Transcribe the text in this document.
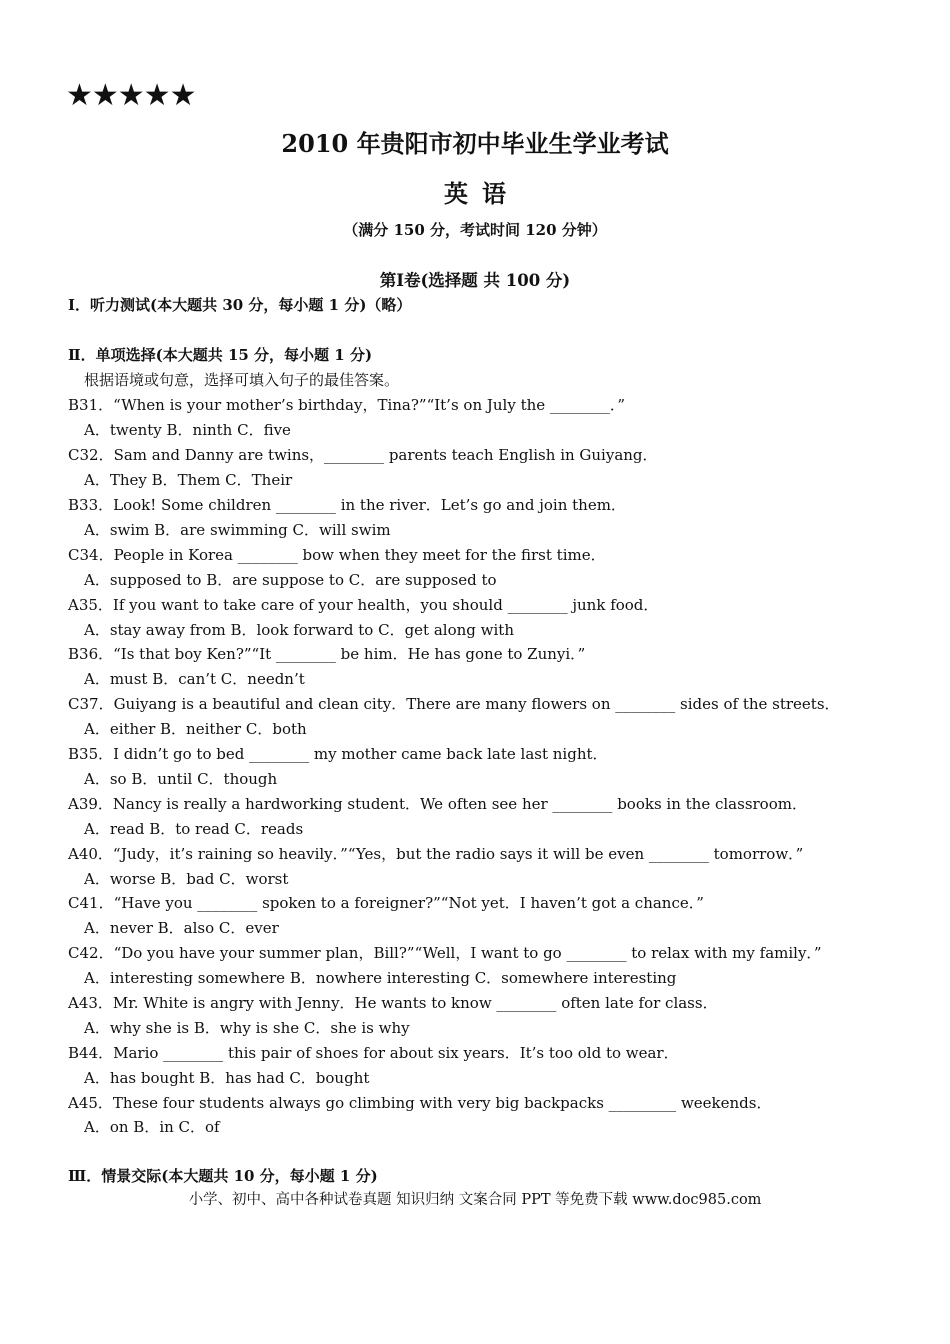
★★★★★
2010 年贵阳市初中毕业生学业考试
英语
（满分 150 分，考试时间 120 分钟）
第Ⅰ卷(选择题 共 100 分)
Ⅰ．听力测试(本大题共 30 分，每小题 1 分)（略）
Ⅱ．单项选择(本大题共 15 分，每小题 1 分)
根据语境或句意，选择可填入句子的最佳答案。
B31．“When is your mother’s birthday，Tina?”“It’s on July the ________．”
A．twenty B．ninth C．five
C32．Sam and Danny are twins，________ parents teach English in Guiyang．
A．They B．Them C．Their
B33．Look! Some children ________ in the river．Let’s go and join them．
A．swim B．are swimming C．will swim
C34．People in Korea ________ bow when they meet for the first time．
A．supposed to B．are suppose to C．are supposed to
A35．If you want to take care of your health，you should ________ junk food．
A．stay away from B．look forward to C．get along with
B36．“Is that boy Ken?”“It ________ be him．He has gone to Zunyi．”
A．must B．can’t C．needn’t
C37．Guiyang is a beautiful and clean city．There are many flowers on ________ sides of the streets．
A．either B．neither C．both
B35．I didn’t go to bed ________ my mother came back late last night．
A．so B．until C．though
A39．Nancy is really a hardworking student．We often see her ________ books in the classroom．
A．read B．to read C．reads
A40．“Judy，it’s raining so heavily．”“Yes，but the radio says it will be even ________ tomorrow．”
A．worse B．bad C．worst
C41．“Have you ________ spoken to a foreigner?”“Not yet．I haven’t got a chance．”
A．never B．also C．ever
C42．“Do you have your summer plan，Bill?”“Well，I want to go ________ to relax with my family．”
A．interesting somewhere B．nowhere interesting C．somewhere interesting
A43．Mr. White is angry with Jenny．He wants to know ________ often late for class．
A．why she is B．why is she C．she is why
B44．Mario ________ this pair of shoes for about six years．It’s too old to wear．
A．has bought B．has had C．bought
A45．These four students always go climbing with very big backpacks _________ weekends．
A．on B．in C．of
Ⅲ．情景交际(本大题共 10 分，每小题 1 分)
小学、初中、高中各种试卷真题 知识归纳 文案合同 PPT 等免费下载 www.doc985.com
